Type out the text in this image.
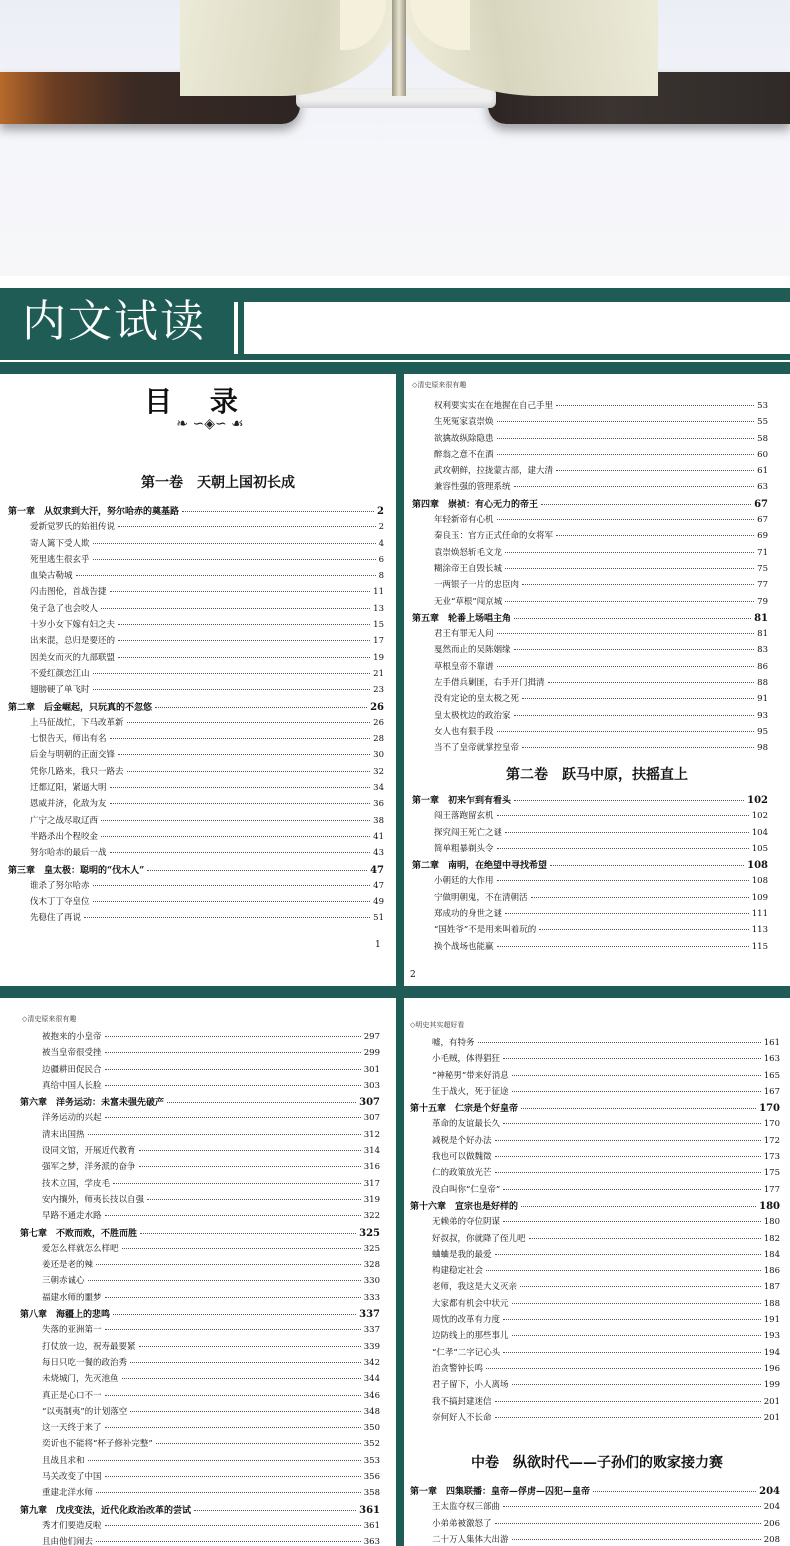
内文试读
目 录
❧ ∽◈∽ ☙
第一卷　天朝上国初长成
第一章　从奴隶到大汗，努尔哈赤的奠基路	2
爱新觉罗氏的始祖传说	2
寄人篱下受人欺	4
死里逃生很玄乎	6
血染古勒城	8
闪击图伦，首战告捷	11
兔子急了也会咬人	13
十岁小女下嫁有妇之夫	15
出来混，总归是要还的	17
因美女而灭的九部联盟	19
不爱红颜恋江山	21
翅膀硬了单飞时	23
第二章　后金崛起，只玩真的不忽悠	26
上马征战忙，下马改革新	26
七恨告天，师出有名	28
后金与明朝的正面交锋	30
凭你几路来，我只一路去	32
迁都辽阳，紧逼大明	34
恩威并济，化敌为友	36
广宁之战尽取辽西	38
半路杀出个程咬金	41
努尔哈赤的最后一战	43
第三章　皇太极：聪明的“伐木人”	47
谁杀了努尔哈赤	47
伐木丁丁夺皇位	49
先稳住了再说	51
1
◇清史原来很有趣
权利要实实在在地握在自己手里	53
生死冤家袁崇焕	55
欲擒故纵除隐患	58
醉翁之意不在酒	60
武攻朝鲜，拉拢蒙古部，建大清	61
兼容性强的管理系统	63
第四章　崇祯：有心无力的帝王	67
年轻新帝有心机	67
秦良玉：官方正式任命的女将军	69
袁崇焕怒斩毛文龙	71
糊涂帝王自毁长城	75
一两银子一片的忠臣肉	77
无业“草根”闯京城	79
第五章　轮番上场唱主角	81
君王有罪无人问	81
戛然而止的吴陈姻缘	83
草根皇帝不靠谱	86
左手借兵剿匪，右手开门揖清	88
没有定论的皇太极之死	91
皇太极枕边的政治家	93
女人也有狠手段	95
当不了皇帝就掌控皇帝	98
第二卷　跃马中原，扶摇直上
第一章　初来乍到有看头	102
闯王落跑留玄机	102
探究闯王死亡之谜	104
简单粗暴剃头令	105
第二章　南明，在绝望中寻找希望	108
小朝廷的大作用	108
宁做明朝鬼，不在清朝活	109
郑成功的身世之谜	111
“国姓爷”不是用来叫着玩的	113
换个战场也能赢	115
2
◇清史原来很有趣
被抱来的小皇帝	297
被当皇帝很受挫	299
边疆耕田促民合	301
真给中国人长脸	303
第六章　洋务运动：未富未强先破产	307
洋务运动的兴起	307
清末出国热	312
设同文馆，开展近代教育	314
强军之梦，洋务派的奋争	316
技术立国，学皮毛	317
安内攘外，师夷长技以自强	319
早路不通走水路	322
第七章　不败而败，不胜而胜	325
爱怎么样就怎么样吧	325
姜还是老的辣	328
三朝赤诚心	330
福建水师的噩梦	333
第八章　海疆上的悲鸣	337
失落的亚洲第一	337
打仗放一边，祝寿最要紧	339
每日只吃一餐的政治秀	342
未烧城门，先灭池鱼	344
真正是心口不一	346
“以夷制夷”的计划落空	348
这一天终于来了	350
奕䜣也不能将“杯子修补完整”	352
且战且求和	353
马关改变了中国	356
重建北洋水师	358
第九章　戊戌变法，近代化政治改革的尝试	361
秀才们要造反啦	361
且由他们闹去	363
◇明史其实超好看
嘘，有特务	161
小毛贼，体得猖狂	163
“神秘男”带来好消息	165
生于战火，死于征途	167
第十五章　仁宗是个好皇帝	170
革命的友谊最长久	170
减税是个好办法	172
我也可以做魏徵	173
仁的政策放光芒	175
没白叫你“仁皇帝”	177
第十六章　宣宗也是好样的	180
无赖弟的夺位阴谋	180
好叔叔，你就降了侄儿吧	182
蛐蛐是我的最爱	184
构建稳定社会	186
老师，我这是大义灭亲	187
大家都有机会中状元	188
周忱的改革有力度	191
边防线上的那些事儿	193
“仁孝”二字记心头	194
治贪警钟长鸣	196
君子留下，小人离场	199
我不搞封建迷信	201
奈何好人不长命	201
中卷　纵欲时代——子孙们的败家接力赛
第一章　四集联播：皇帝—俘虏—囚犯—皇帝	204
王太监夺权三部曲	204
小弟弟被激怒了	206
二十万人集体大出游	208
